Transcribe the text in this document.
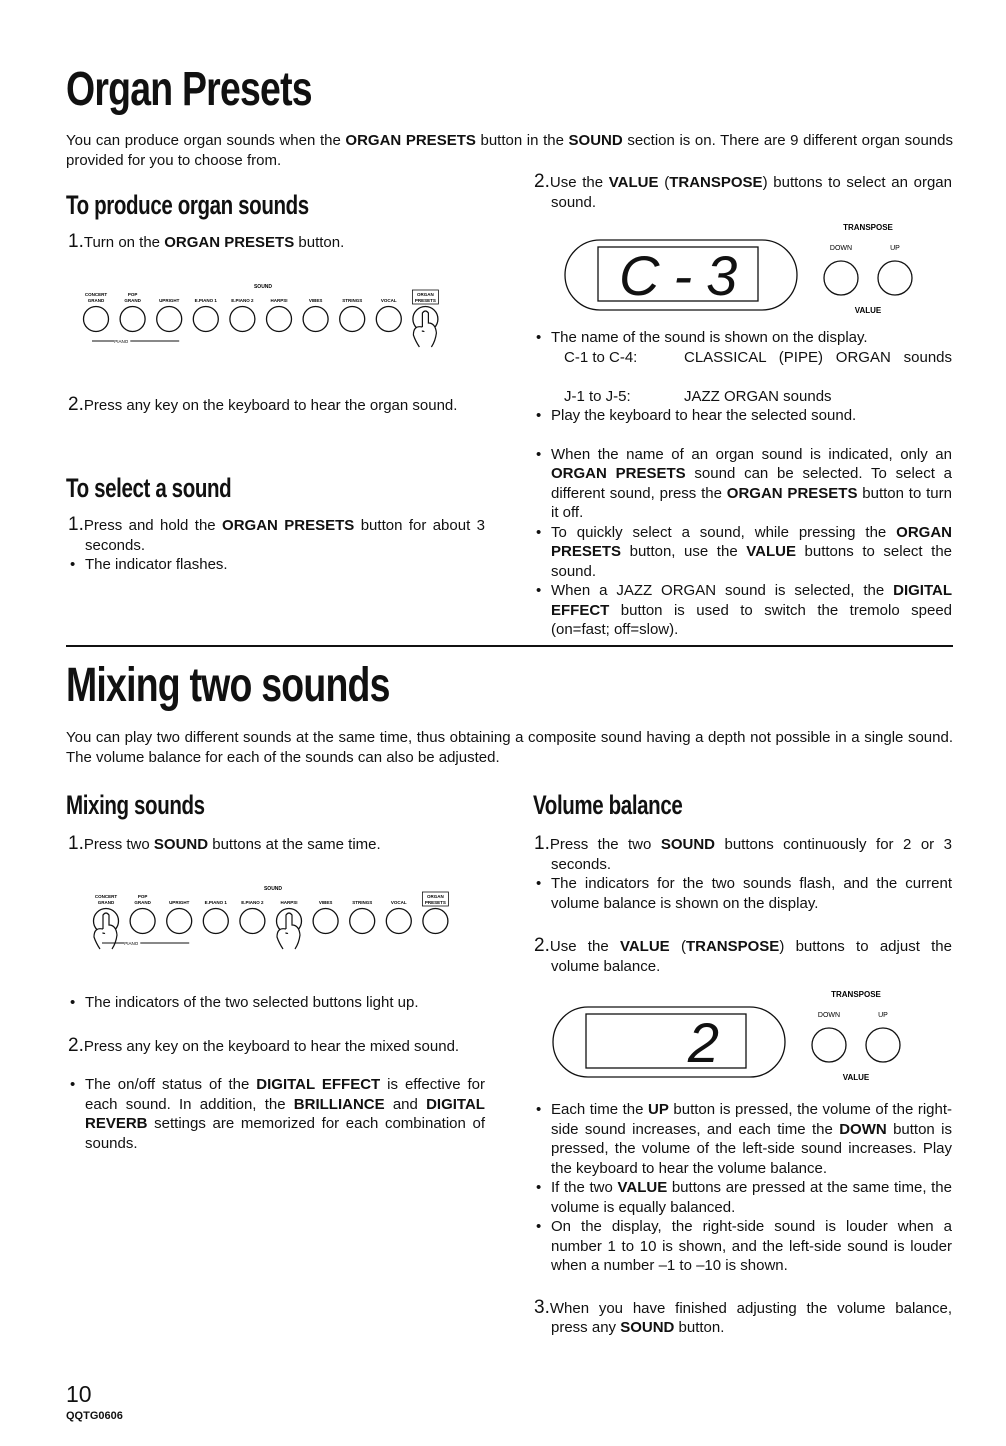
Organ Presets

You can produce organ sounds when the ORGAN PRESETS button in the SOUND section is on. There are 9 different organ sounds provided for you to choose from.

To produce organ sounds

1.Turn on the ORGAN PRESETS button.

SOUND
CONCERT
GRAND
POP
GRAND	UPRIGHT	E.PIANO 1	E.PIANO 2	HARPSI	VIBES	STRINGS	VOCAL
ORGAN
PRESETS
PIANO

2.Press any key on the keyboard to hear the organ sound.

To select a sound

1.Press and hold the ORGAN PRESETS button for about 3 seconds.

• The indicator flashes.

2.Use the VALUE (TRANSPOSE) buttons to select an organ sound.

C-3
TRANSPOSE
DOWN	UP
VALUE

• The name of the sound is shown on the display.

C-1 to C-4:	CLASSICAL (PIPE) ORGAN sounds
J-1 to J-5:	JAZZ ORGAN sounds

• Play the keyboard to hear the selected sound.

• When the name of an organ sound is indicated, only an ORGAN PRESETS sound can be selected. To select a different sound, press the ORGAN PRESETS button to turn it off.

• To quickly select a sound, while pressing the ORGAN PRESETS button, use the VALUE buttons to select the sound.

• When a JAZZ ORGAN sound is selected, the DIGITAL EFFECT button is used to switch the tremolo speed (on=fast; off=slow).

Mixing two sounds

You can play two different sounds at the same time, thus obtaining a composite sound having a depth not possible in a single sound. The volume balance for each of the sounds can also be adjusted.

Mixing sounds

1.Press two SOUND buttons at the same time.

SOUND
CONCERT
GRAND
POP
GRAND	UPRIGHT	E.PIANO 1	E.PIANO 2	HARPSI	VIBES	STRINGS	VOCAL
ORGAN
PRESETS
PIANO

• The indicators of the two selected buttons light up.

2.Press any key on the keyboard to hear the mixed sound.

• The on/off status of the DIGITAL EFFECT is effective for each sound. In addition, the BRILLIANCE and DIGITAL REVERB settings are memorized for each combination of sounds.

Volume balance

1.Press the two SOUND buttons continuously for 2 or 3 seconds.

• The indicators for the two sounds flash, and the current volume balance is shown on the display.

2.Use the VALUE (TRANSPOSE) buttons to adjust the volume balance.

2
TRANSPOSE
DOWN	UP
VALUE

• Each time the UP button is pressed, the volume of the right-side sound increases, and each time the DOWN button is pressed, the volume of the left-side sound increases. Play the keyboard to hear the volume balance.

• If the two VALUE buttons are pressed at the same time, the volume is equally balanced.

• On the display, the right-side sound is louder when a number 1 to 10 is shown, and the left-side sound is louder when a number –1 to –10 is shown.

3.When you have finished adjusting the volume balance, press any SOUND button.

10
QQTG0606
